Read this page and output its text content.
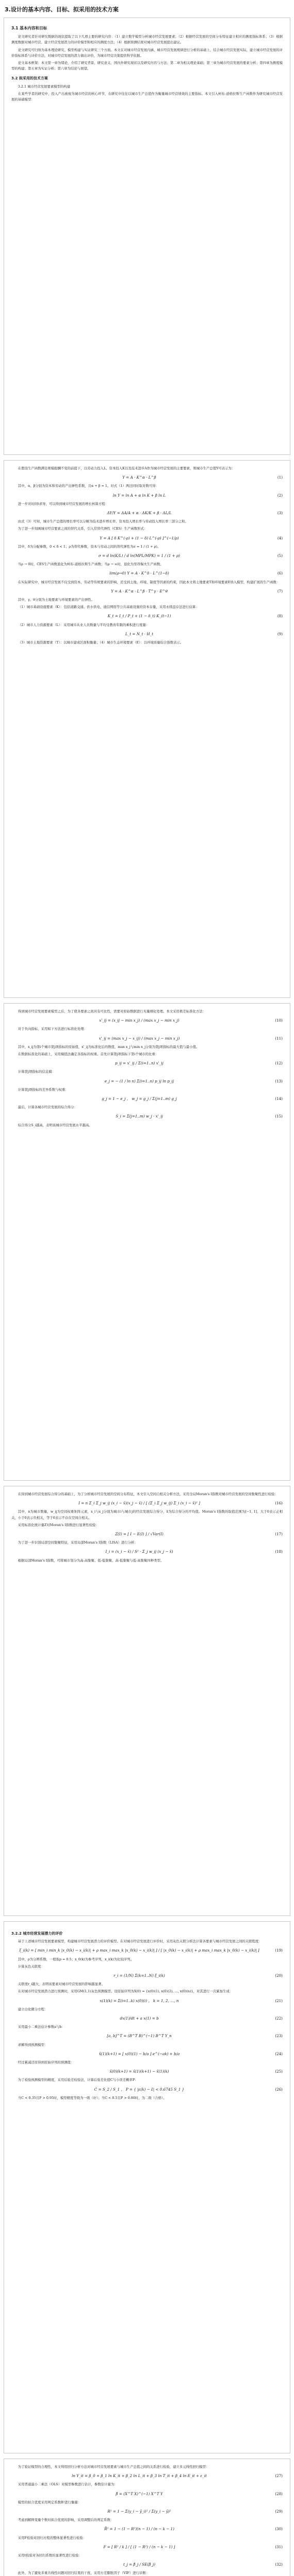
3.设计的基本内容、目标、拟采用的技术方案
3.1 基本内容和目标

论文研究者针对研究数据的现状提取了以下几项主要的研究内容：（1）建立数学模型分析城市经营发展要素；（2）根据经营发展的空间分布特征建立相应的测度指标体系；（3）根据测度数据对城市经营、建立经营发展潜力的评价模型和相应的测度方法；（4）根据预测结果对城市经营发展提出建议。

论文研究可归纳为基本理论研究、模型构建与实证研究三个方面。本文在对城市经营发展内涵、城市经营发展规律进行分析的基础上，结合城市经营发展实际，建立城市经营发展的评价指标体系与评价方法，对城市经营发展的潜力做出评价，为城市经营决策提供科学依据。

论文基本框架：本文第一章为绪论，介绍了研究背景、研究意义、国内外研究现状以及研究内容与方法；第二章为相关理论基础；第三章为城市经营发展的要素分析；第四章为测度模型的构建；第五章为实证分析；第六章为结论与展望。

3.2 拟采用的技术方案

3.2.1 城市经营发展要素模型的构建

在某些学者的研究中，投入产出被视为城市经营的核心环节，在研究中往往以城市生产总值作为衡量城市经营绩效的主要指标。本文引入柯布-道格拉斯生产函数作为研究城市经营发展的基础模型：

在假设生产函数满足规模报酬不变的前提下，以劳动力投入L、资本投入K以及技术进步A作为城市经营发展的主要要素，则城市生产总值Y可表示为：

Y = A · K^α · L^β	(1)

其中，α、β分别为资本和劳动的产出弹性系数，且α + β = 1。对式（1）两边同时取对数可得：

ln Y = ln A + α ln K + β ln L	(2)

进一步对时间t求导，可以得到城市经营发展的增长核算方程：

ΔY/Y = ΔA/A + α · ΔK/K + β · ΔL/L	(3)

由式（3）可知，城市生产总值的增长率可以分解为技术进步增长率、资本投入增长率与劳动投入增长率三部分之和。

为了进一步刻画城市经营要素之间的替代关系，引入常替代弹性（CES）生产函数形式：

Y = A [ δ K^(-ρ) + (1 − δ) L^(-ρ) ]^(−1/ρ)	(4)

其中，δ为分配参数，0 < δ < 1；ρ为替代参数，资本与劳动之间的替代弹性为σ = 1 / (1 + ρ)。

σ = d ln(K/L) / d ln(MPL/MPK) = 1 / (1 + ρ)	(5)

当ρ → 0时，CES生产函数退化为柯布-道格拉斯生产函数；当ρ → ∞时，退化为里昂惕夫生产函数。

lim(ρ→0) Y = A · K^δ · L^(1−δ)	(6)

在实际研究中，城市经营发展不仅受到资本、劳动等传统要素的影响，还受到土地、环境、制度等因素的约束，因此本文将土地要素T和环境要素E纳入模型，构建扩展的生产函数：

Y = A · K^α · L^β · T^γ · E^θ	(7)

其中，γ、θ分别为土地要素与环境要素的产出弹性。

（1）城市基础设施要素（K）：包括道路交通、供水供电、通信网络等公共基础设施的资本存量，采用永续盘存法进行估算：

K_t = I_t / P_t + (1 − δ_t) K_(t−1)	(8)

（2）城市人力资源要素（L）：采用城市从业人员数量与平均受教育年限的乘积进行度量：

L_t = N_t · H_t	(9)

（3）城市土地资源要素（T）：以城市建成区面积衡量；（4）城市生态环境要素（E）：以环境质量综合指数表示。

得到城市经营发展要素模型之后，为了使各要素之间具有可比性，需要对原始数据进行无量纲化处理。本文采用极差标准化方法：

x'_ij = (x_ij − min x_j) / (max x_j − min x_j)	(10)

对于负向指标，采用如下方法进行标准化处理：

x'_ij = (max x_j − x_ij) / (max x_j − min x_j)	(11)

其中，x_ij为第i个城市第j项指标的原始值，x'_ij为标准化后的数值，max x_j与min x_j分别为第j项指标的最大值与最小值。

在数据标准化的基础上，采用熵值法确定各指标的权重。首先计算第j项指标下第i个城市的比重：

p_ij = x'_ij / Σ(i=1..n) x'_ij	(12)

计算第j项指标的信息熵：

e_j = − (1 / ln n) Σ(i=1..n) p_ij ln p_ij	(13)

计算第j项指标的差异系数与权重：

g_j = 1 − e_j ， w_j = g_j / Σ(j=1..m) g_j	(14)

最后，计算各城市经营发展的综合得分：

S_i = Σ(j=1..m) w_j · x'_ij	(15)

综合得分S_i越高，表明该城市经营发展水平越高。

在得到城市经营发展综合得分的基础上，为了分析城市经营发展的空间分布特征，本文引入空间自相关分析方法，采用全局Moran's I指数对城市经营发展的空间集聚性进行检验：

I = n Σ_i Σ_j w_ij (x_i − x̄)(x_j − x̄) / [ (Σ_i Σ_j w_ij) Σ_i (x_i − x̄)² ]	(16)

其中，n为城市数量，w_ij为空间权重矩阵元素，x_i与x_j分别为城市i与城市j的经营发展综合得分，x̄为综合得分的平均值。Moran's I指数的取值范围为[−1, 1]，大于0表示正相关，小于0表示负相关，等于0表示不存在空间自相关。

采用标准化统计量Z对Moran's I指数进行显著性检验：

Z(I) = [ I − E(I) ] / √Var(I)	(17)

为了进一步识别局部空间集聚特征，采用局部Moran's I指数（LISA）进行分析：

I_i = (x_i − x̄) / S² · Σ_j w_ij (x_j − x̄)	(18)

根据局部Moran's I指数，可将城市划分为高-高集聚、低-低集聚、高-低集聚与低-高集聚四种类型。

3.2.2 城市经营发展潜力的评价

基于上述城市经营发展要素模型，构建城市经营发展潜力的评价模型。在对城市经营发展进行评价时，采用灰色关联分析法计算各要素与城市经营发展之间的关联程度：

ξ_i(k) = [ min_i min_k |x_0(k) − x_i(k)| + ρ max_i max_k |x_0(k) − x_i(k)| ] / [ |x_0(k) − x_i(k)| + ρ max_i max_k |x_0(k) − x_i(k)| ]	(19)

其中，ρ为分辨系数，一般取ρ = 0.5；x_0(k)为参考序列，x_i(k)为比较序列。

计算灰色关联度：

r_i = (1/N) Σ(k=1..N) ξ_i(k)	(20)

关联度r_i越大，表明该要素对城市经营发展的影响越显著。

在对城市经营发展潜力进行预测时，采用GM(1,1)灰色预测模型。设原始序列为X(0) = {x(0)(1), x(0)(2), …, x(0)(n)}，对其进行一次累加生成：

x(1)(k) = Σ(i=1..k) x(0)(i) ， k = 1, 2, …, n	(21)

建立白化微分方程：

dx(1)/dt + a x(1) = b	(22)

采用最小二乘法估计参数a与b：

[a, b]^T = (B^T B)^(−1) B^T Y_n	(23)

求解得到预测模型：

x̂(1)(k+1) = [ x(0)(1) − b/a ] e^(−ak) + b/a	(24)

经过累减还原得到原始序列的预测值：

x̂(0)(k+1) = x̂(1)(k+1) − x̂(1)(k)	(25)

为了检验预测模型的精度，采用后验差检验法，计算后验差比值C与小误差概率P：

C = S_2 / S_1 ， P = { |ε(k) − ε̄| < 0.6745 S_1 }	(26)

当C < 0.35且P > 0.95时，模型精度等级为一级（好）；当C < 0.5且P > 0.80时，为二级（合格）。

为了验证模型的合理性，本文利用回归分析方法对城市经营发展要素与城市生产总值之间的关系进行检验，建立多元线性回归模型：

ln Y_it = β_0 + β_1 ln K_it + β_2 ln L_it + β_3 ln T_it + β_4 ln E_it + ε_it	(27)

采用普通最小二乘法（OLS）对模型参数进行估计，参数估计量为：

β̂ = (X^T X)^(−1) X^T Y	(28)

模型的拟合优度采用判定系数R²进行衡量：

R² = 1 − Σ(y_i − ŷ_i)² / Σ(y_i − ȳ)²	(29)

考虑到解释变量个数对拟合优度的影响，采用调整后的判定系数：

R̄² = 1 − (1 − R²)(n − 1) / (n − k − 1)	(30)

采用F检验对回归方程的整体显著性进行检验：

F = [ R² / k ] / [ (1 − R²) / (n − k − 1) ]	(31)

采用t检验对各回归系数的显著性进行检验：

t_j = β̂_j / SE(β̂_j)	(32)

此外，为了避免多重共线性问题对回归结果的干扰，采用方差膨胀因子（VIF）进行诊断：
